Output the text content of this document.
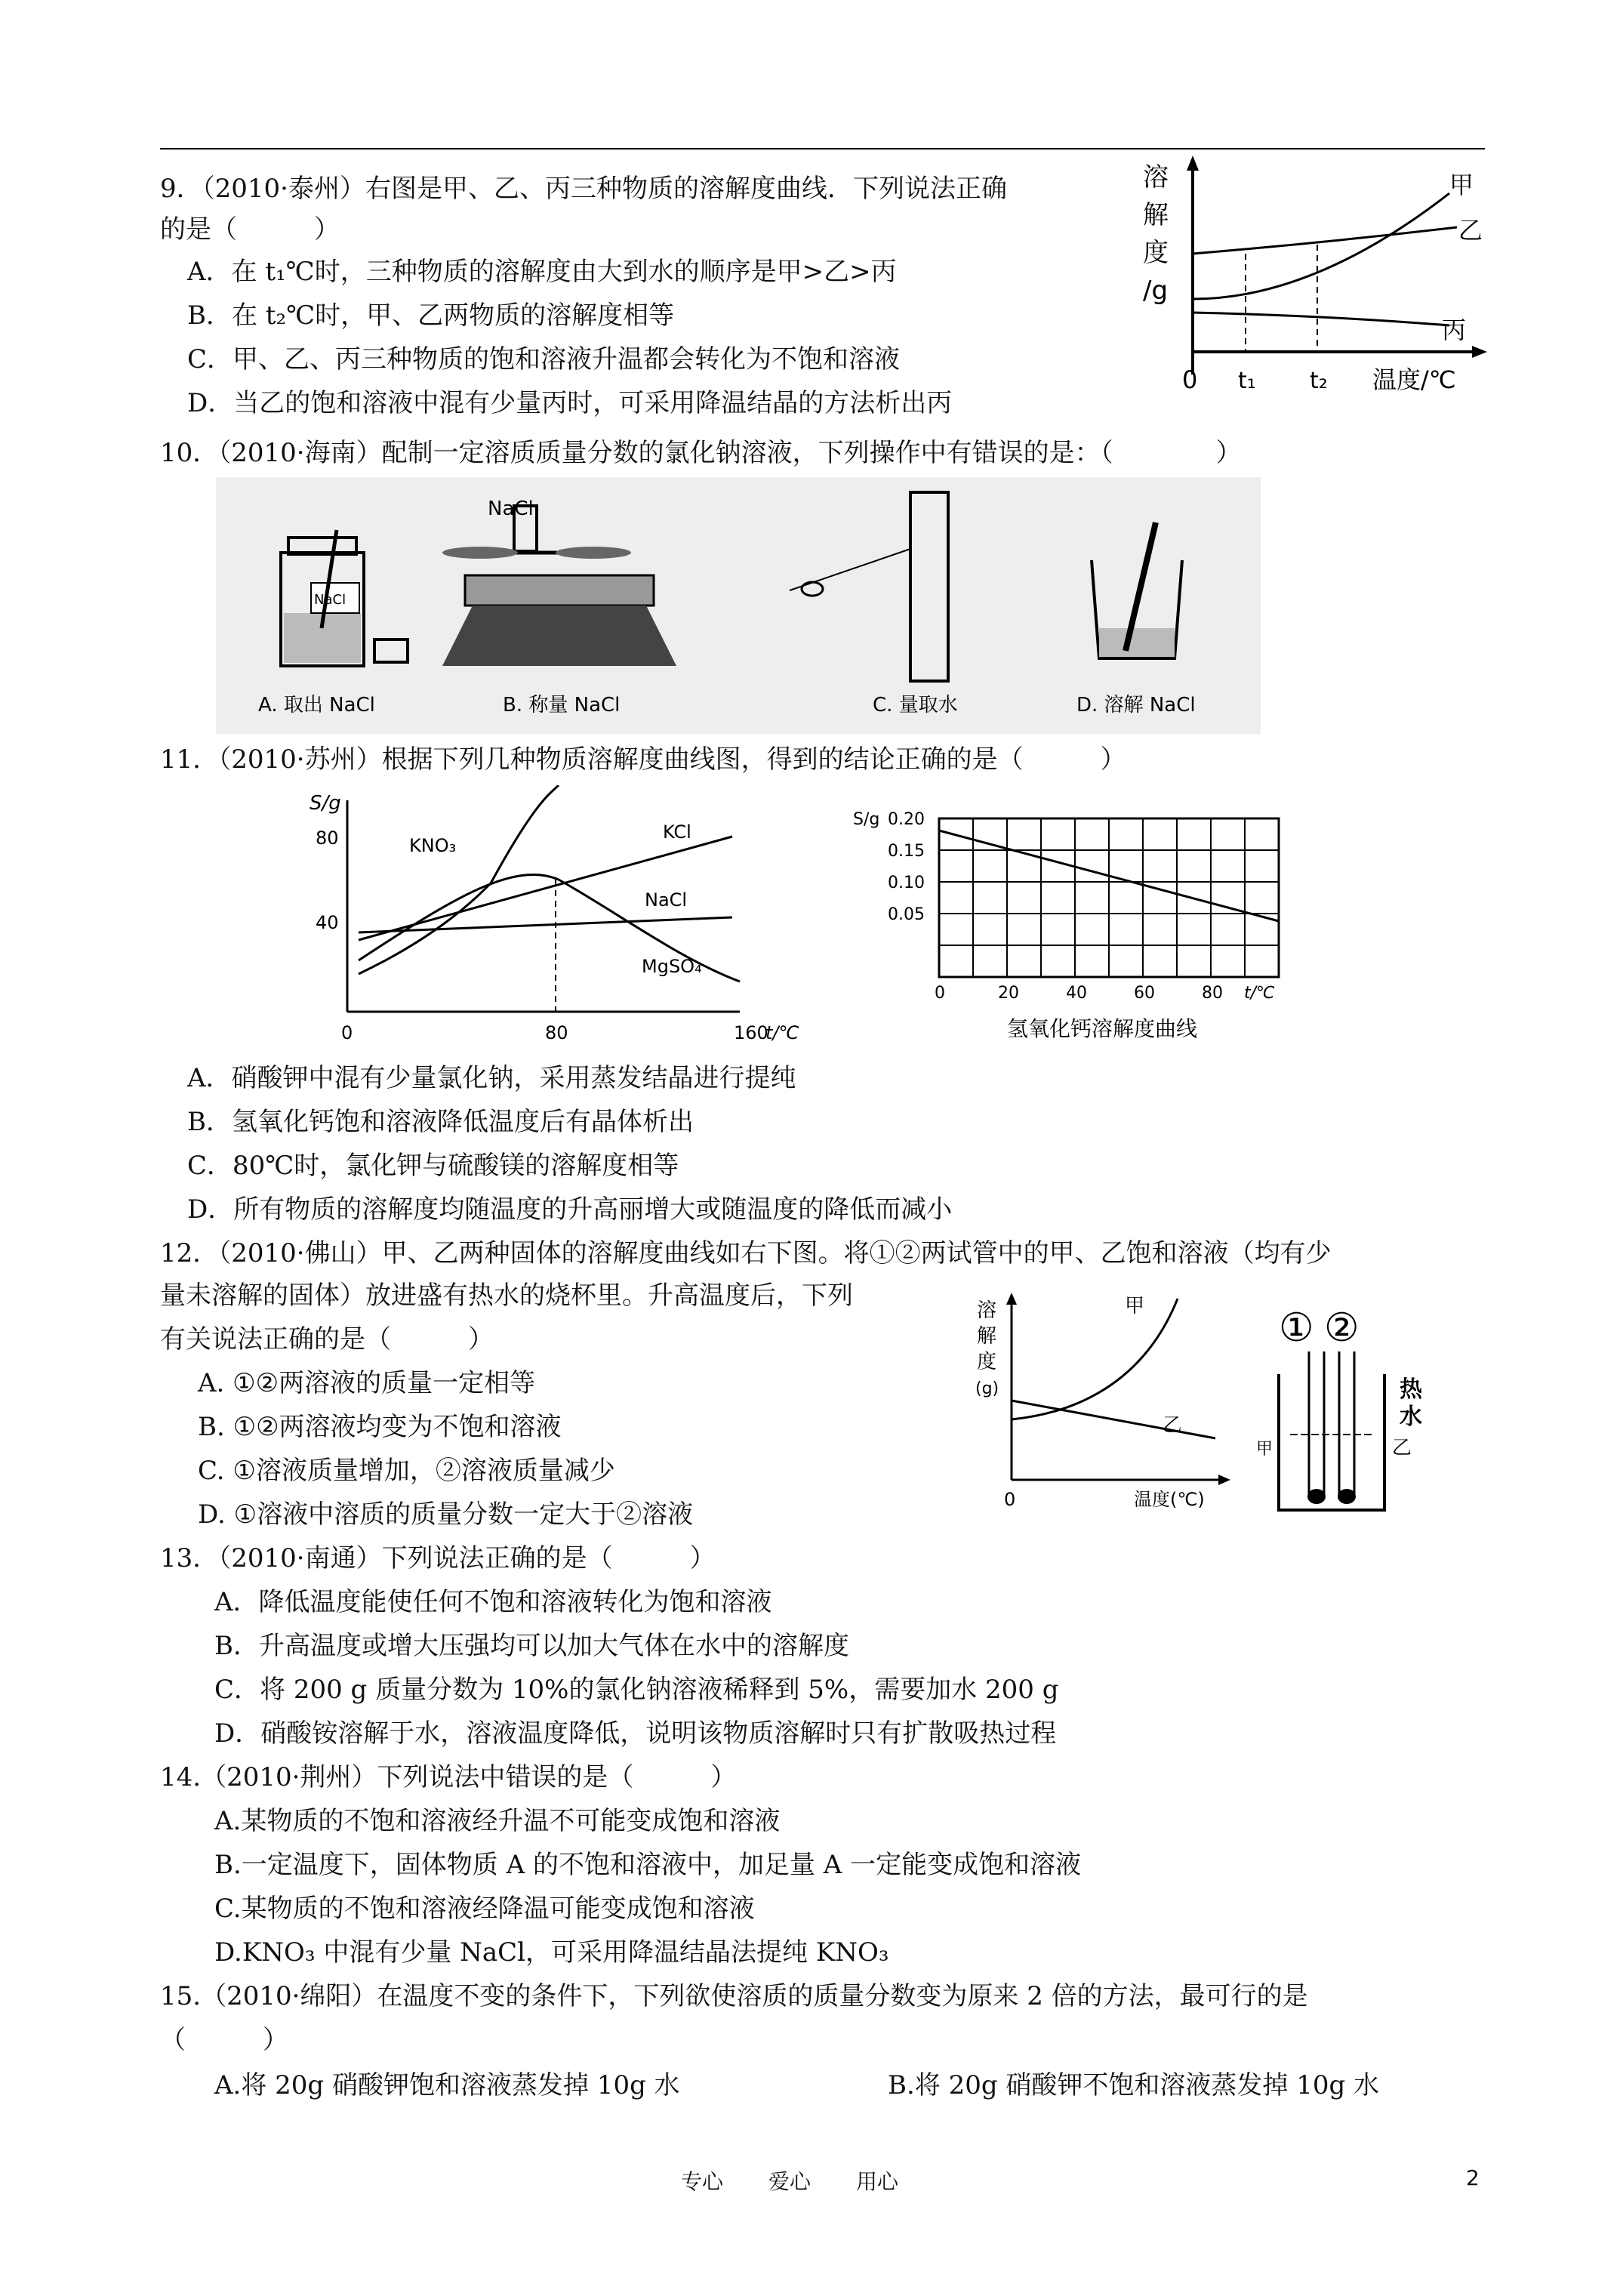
9．（2010·泰州）右图是甲、乙、丙三种物质的溶解度曲线．下列说法正确
的是（　　　）
A．在 t₁℃时，三种物质的溶解度由大到水的顺序是甲>乙>丙
B．在 t₂℃时，甲、乙两物质的溶解度相等
C．甲、乙、丙三种物质的饱和溶液升温都会转化为不饱和溶液
D．当乙的饱和溶液中混有少量丙时，可采用降温结晶的方法析出丙
溶
解
度
/g
甲
乙
丙
0 t₁ t₂ 温度/℃
10．（2010·海南）配制一定溶质质量分数的氯化钠溶液，下列操作中有错误的是：（　　　　）
NaCl
NaCl
A. 取出 NaCl	B. 称量 NaCl	C. 量取水	D. 溶解 NaCl
11．（2010·苏州）根据下列几种物质溶解度曲线图，得到的结论正确的是（　　　）
S/g
80
40
0	80	160
t/℃
KNO₃
KCl
NaCl
MgSO₄
S/g 0.20
0.15
0.10
0.05
0	20	40	60	80 t/℃
氢氧化钙溶解度曲线
A．硝酸钾中混有少量氯化钠，采用蒸发结晶进行提纯
B．氢氧化钙饱和溶液降低温度后有晶体析出
C．80℃时，氯化钾与硫酸镁的溶解度相等
D．所有物质的溶解度均随温度的升高丽增大或随温度的降低而减小
12．（2010·佛山）甲、乙两种固体的溶解度曲线如右下图。将①②两试管中的甲、乙饱和溶液（均有少
量未溶解的固体）放进盛有热水的烧杯里。升高温度后，下列
有关说法正确的是（　　　）
A. ①②两溶液的质量一定相等
B. ①②两溶液均变为不饱和溶液
C. ①溶液质量增加，②溶液质量减少
D. ①溶液中溶质的质量分数一定大于②溶液
溶
解
度
(g)
甲
乙
0	温度(℃)
① ②
热
水
甲	乙
13．（2010·南通）下列说法正确的是（　　　）
A．降低温度能使任何不饱和溶液转化为饱和溶液
B．升高温度或增大压强均可以加大气体在水中的溶解度
C．将 200 g 质量分数为 10%的氯化钠溶液稀释到 5%，需要加水 200 g
D．硝酸铵溶解于水，溶液温度降低，说明该物质溶解时只有扩散吸热过程
14.（2010·荆州）下列说法中错误的是（　　　）
A.某物质的不饱和溶液经升温不可能变成饱和溶液
B.一定温度下，固体物质 A 的不饱和溶液中，加足量 A 一定能变成饱和溶液
C.某物质的不饱和溶液经降温可能变成饱和溶液
D.KNO₃ 中混有少量 NaCl，可采用降温结晶法提纯 KNO₃
15.（2010·绵阳）在温度不变的条件下，下列欲使溶质的质量分数变为原来 2 倍的方法，最可行的是
（　　　）
A.将 20g 硝酸钾饱和溶液蒸发掉 10g 水	B.将 20g 硝酸钾不饱和溶液蒸发掉 10g 水
专心 爱心 用心	2
